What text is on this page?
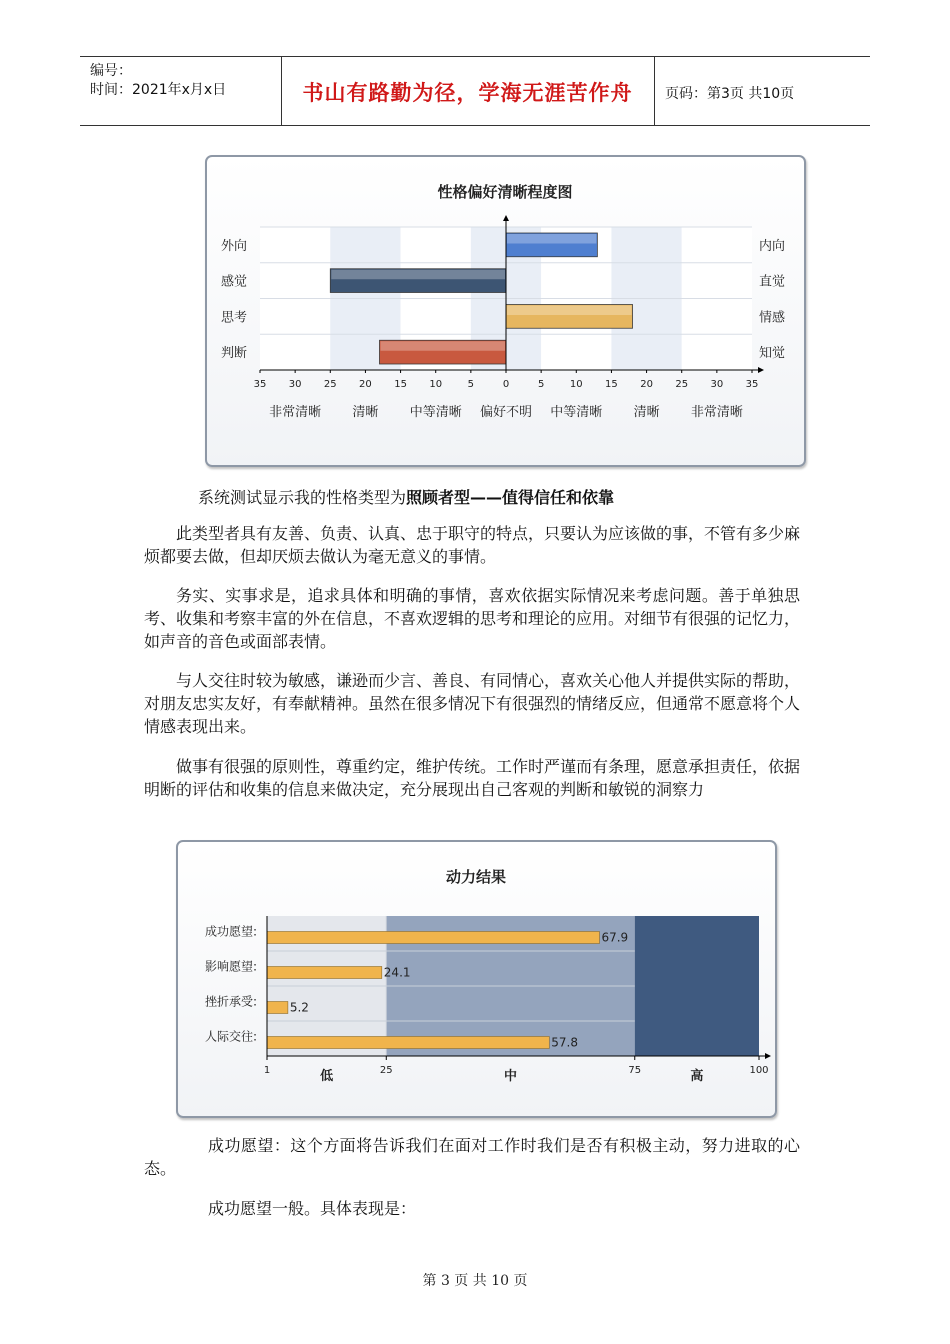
编号：
时间：2021年x月x日	书山有路勤为径，学海无涯苦作舟	页码：第3页 共10页
性格偏好清晰程度图
外向
感觉
思考
判断
内向
直觉
情感
知觉
35 30 25 20 15 10	5	0	5	10 15 20 25 30 35
非常清晰 清晰 中等清晰 偏好不明 中等清晰 清晰 非常清晰
系统测试显示我的性格类型为照顾者型——值得信任和依靠
此类型者具有友善、负责、认真、忠于职守的特点，只要认为应该做的事，不管有多少麻烦都要去做，但却厌烦去做认为毫无意义的事情。
务实、实事求是，追求具体和明确的事情，喜欢依据实际情况来考虑问题。善于单独思考、收集和考察丰富的外在信息，不喜欢逻辑的思考和理论的应用。对细节有很强的记忆力，如声音的音色或面部表情。
与人交往时较为敏感，谦逊而少言、善良、有同情心，喜欢关心他人并提供实际的帮助，对朋友忠实友好，有奉献精神。虽然在很多情况下有很强烈的情绪反应，但通常不愿意将个人情感表现出来。
做事有很强的原则性，尊重约定，维护传统。工作时严谨而有条理，愿意承担责任，依据明断的评估和收集的信息来做决定，充分展现出自己客观的判断和敏锐的洞察力
动力结果
67.9
成功愿望:
24.1
影响愿望:
5.2
挫折承受:
57.8
人际交往:
1	25	75	100
低	中	高
成功愿望：这个方面将告诉我们在面对工作时我们是否有积极主动，努力进取的心态。
成功愿望一般。具体表现是：
第 3 页 共 10 页
